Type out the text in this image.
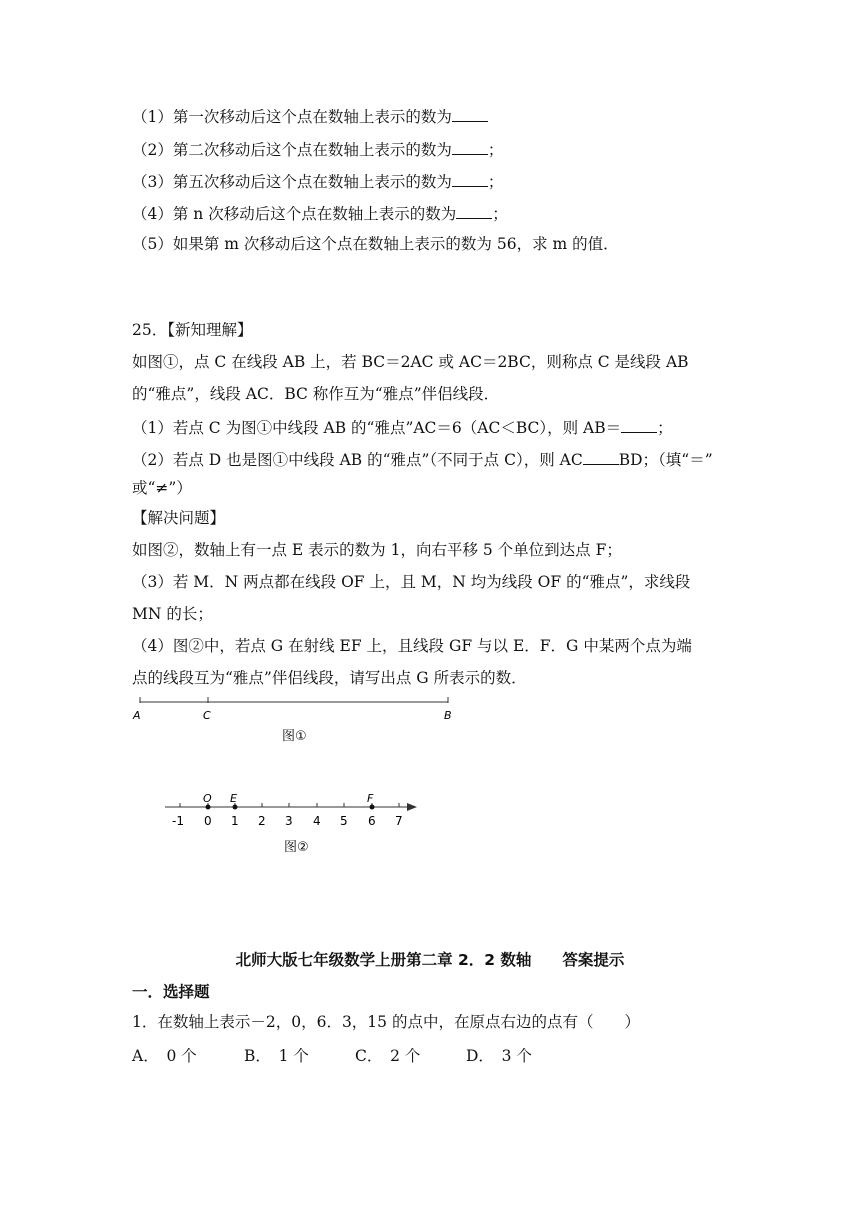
（1）第一次移动后这个点在数轴上表示的数为
（2）第二次移动后这个点在数轴上表示的数为 ；
（3）第五次移动后这个点在数轴上表示的数为 ；
（4）第 n 次移动后这个点在数轴上表示的数为 ；
（5）如果第 m 次移动后这个点在数轴上表示的数为 56，求 m 的值．
25．【新知理解】
如图①，点 C 在线段 AB 上，若 BC＝2AC 或 AC＝2BC，则称点 C 是线段 AB
的“雅点”，线段 AC．BC 称作互为“雅点”伴侣线段．
（1）若点 C 为图①中线段 AB 的“雅点”AC＝6（AC＜BC），则 AB＝ ；
（2）若点 D 也是图①中线段 AB 的“雅点”（不同于点 C），则 AC BD；（填“＝”
或“≠”）
【解决问题】
如图②，数轴上有一点 E 表示的数为 1，向右平移 5 个单位到达点 F；
（3）若 M．N 两点都在线段 OF 上，且 M，N 均为线段 OF 的“雅点”，求线段
MN 的长；
（4）图②中，若点 G 在射线 EF 上，且线段 GF 与以 E．F．G 中某两个点为端
点的线段互为“雅点”伴侣线段，请写出点 G 所表示的数．
A	C	B
图①
O E	F
-1 0 1 2 3 4 5 6 7
图②
北师大版七年级数学上册第二章 2．2 数轴　　答案提示
一．选择题
1．在数轴上表示－2，0，6．3，15 的点中，在原点右边的点有（　　）
A．　0 个	B．　1 个	C．　2 个	D．　3 个
